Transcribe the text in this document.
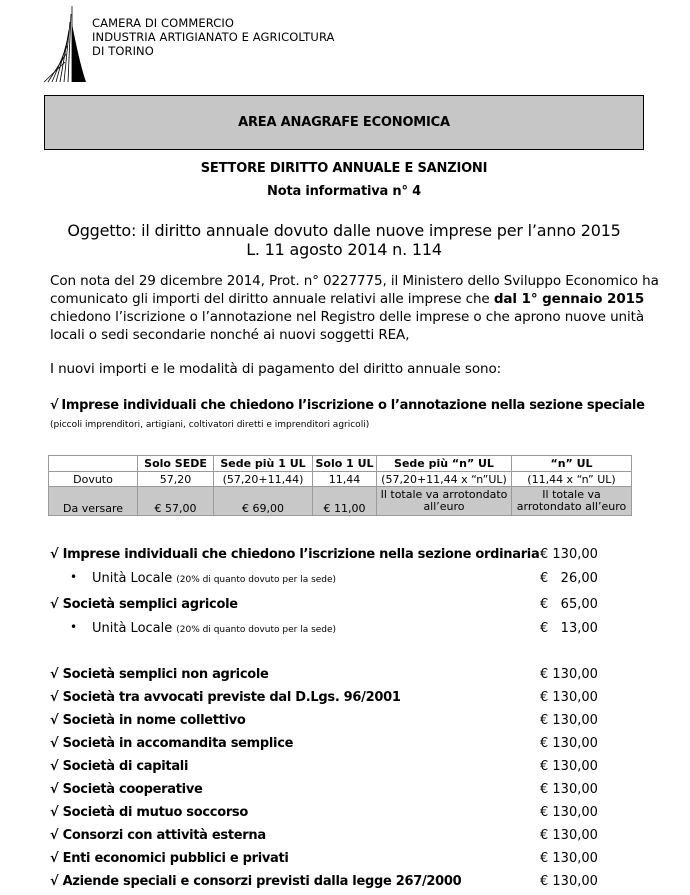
CAMERA DI COMMERCIO
INDUSTRIA ARTIGIANATO E AGRICOLTURA
DI TORINO
AREA ANAGRAFE ECONOMICA
SETTORE DIRITTO ANNUALE E SANZIONI
Nota informativa n° 4
Oggetto: il diritto annuale dovuto dalle nuove imprese per l’anno 2015
L. 11 agosto 2014 n. 114
Con nota del 29 dicembre 2014, Prot. n° 0227775, il Ministero dello Sviluppo Economico ha
comunicato gli importi del diritto annuale relativi alle imprese che dal 1° gennaio 2015
chiedono l’iscrizione o l’annotazione nel Registro delle imprese o che aprono nuove unità
locali o sedi secondarie nonché ai nuovi soggetti REA,
I nuovi importi e le modalità di pagamento del diritto annuale sono:
√ Imprese individuali che chiedono l’iscrizione o l’annotazione nella sezione speciale
(piccoli imprenditori, artigiani, coltivatori diretti e imprenditori agricoli)
	Solo SEDE	Sede più 1 UL	Solo 1 UL	Sede più “n” UL	“n” UL
Dovuto	57,20	(57,20+11,44)	11,44	(57,20+11,44 x “n”UL)	(11,44 x “n” UL)
Da versare	€ 57,00	€ 69,00	€ 11,00	Il totale va arrotondato all’euro	Il totale va arrotondato all’euro
√ Imprese individuali che chiedono l’iscrizione nella sezione ordinaria € 130,00
• Unità Locale (20% di quanto dovuto per la sede)	€   26,00
√ Società semplici agricole	€   65,00
• Unità Locale (20% di quanto dovuto per la sede)	€   13,00
√ Società semplici non agricole	€ 130,00
√ Società tra avvocati previste dal D.Lgs. 96/2001	€ 130,00
√ Società in nome collettivo	€ 130,00
√ Società in accomandita semplice	€ 130,00
√ Società di capitali	€ 130,00
√ Società cooperative	€ 130,00
√ Società di mutuo soccorso	€ 130,00
√ Consorzi con attività esterna	€ 130,00
√ Enti economici pubblici e privati	€ 130,00
√ Aziende speciali e consorzi previsti dalla legge 267/2000	€ 130,00
